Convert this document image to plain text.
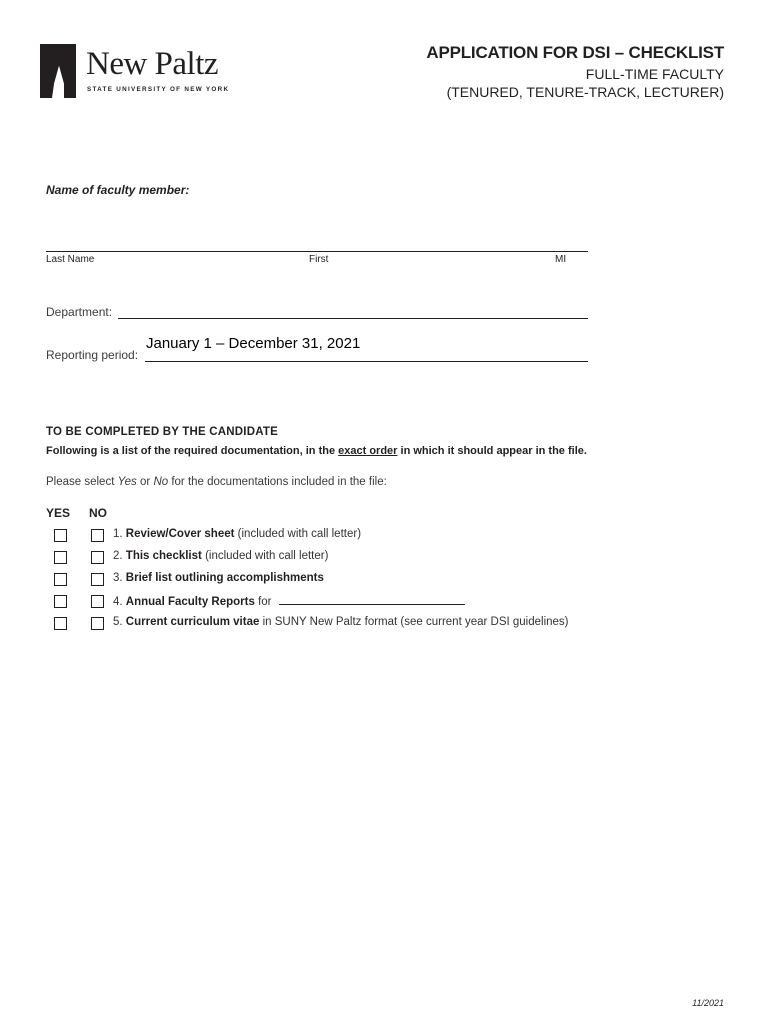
New Paltz
STATE UNIVERSITY OF NEW YORK
APPLICATION FOR DSI – CHECKLIST
FULL-TIME FACULTY
(TENURED, TENURE-TRACK, LECTURER)
Name of faculty member:
Last Name	First	MI
Department:
January 1 – December 31, 2021
Reporting period:
TO BE COMPLETED BY THE CANDIDATE
Following is a list of the required documentation, in the exact order in which it should appear in the file.
Please select Yes or No for the documentations included in the file:
YES NO
1. Review/Cover sheet (included with call letter)
2. This checklist (included with call letter)
3. Brief list outlining accomplishments
4. Annual Faculty Reports for
5. Current curriculum vitae in SUNY New Paltz format (see current year DSI guidelines)
11/2021
